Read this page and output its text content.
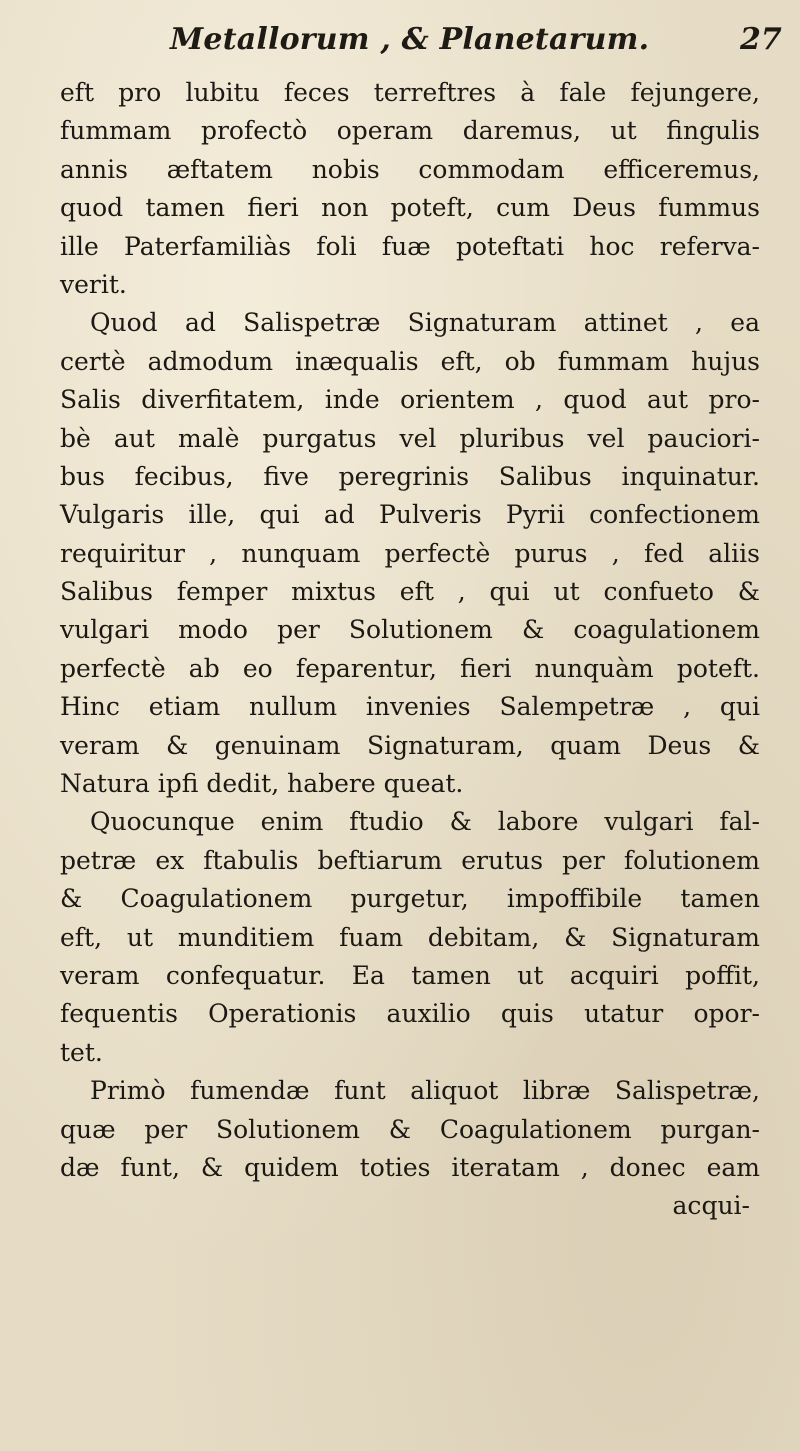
Metallorum , & Planetarum.	27
eft pro lubitu feces terreftres à fale fejungere,
fummam profectò operam daremus, ut fingulis
annis æftatem nobis commodam efficeremus,
quod tamen fieri non poteft, cum Deus fummus
ille Paterfamiliàs foli fuæ poteftati hoc referva-
verit.
Quod ad Salispetræ Signaturam attinet , ea
certè admodum inæqualis eft, ob fummam hujus
Salis diverfitatem, inde orientem , quod aut pro-
bè aut malè purgatus vel pluribus vel pauciori-
bus fecibus, five peregrinis Salibus inquinatur.
Vulgaris ille, qui ad Pulveris Pyrii confectionem
requiritur , nunquam perfectè purus , fed aliis
Salibus femper mixtus eft , qui ut confueto &
vulgari modo per Solutionem & coagulationem
perfectè ab eo feparentur, fieri nunquàm poteft.
Hinc etiam nullum invenies Salempetræ , qui
veram & genuinam Signaturam, quam Deus &
Natura ipfi dedit, habere queat.
Quocunque enim ftudio & labore vulgari fal-
petræ ex ftabulis beftiarum erutus per folutionem
& Coagulationem purgetur, impoffibile tamen
eft, ut munditiem fuam debitam, & Signaturam
veram confequatur. Ea tamen ut acquiri poffit,
fequentis Operationis auxilio quis utatur opor-
tet.
Primò fumendæ funt aliquot libræ Salispetræ,
quæ per Solutionem & Coagulationem purgan-
dæ funt, & quidem toties iteratam , donec eam
acqui-
